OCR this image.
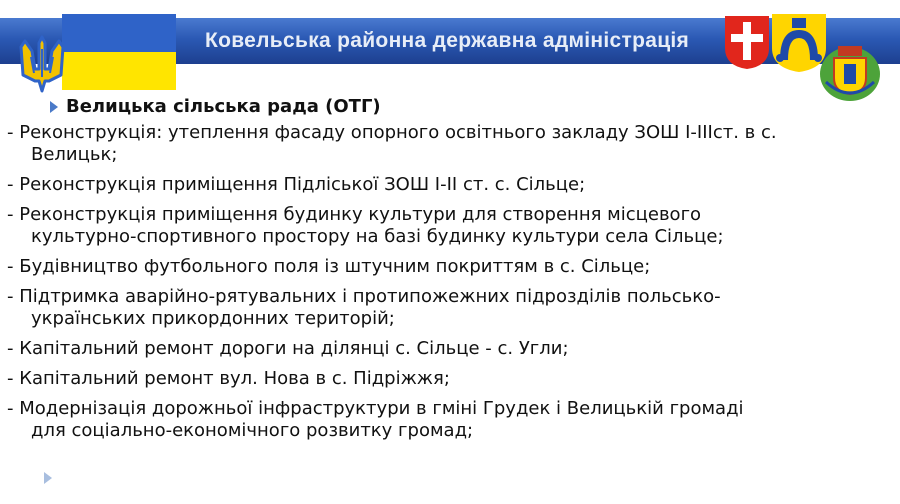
Ковельська районна державна адміністрація
Велицька сільська рада (ОТГ)
- Реконструкція: утеплення фасаду опорного освітнього закладу ЗОШ І-ІІІст. в с.
Велицьк;
- Реконструкція приміщення Підліської ЗОШ І-ІІ ст. с. Сільце;
- Реконструкція приміщення будинку культури для створення місцевого
культурно-спортивного простору на базі будинку культури села Сільце;
- Будівництво футбольного поля із штучним покриттям в с. Сільце;
- Підтримка аварійно-рятувальних і протипожежних підрозділів польсько-
українських прикордонних територій;
- Капітальний ремонт дороги на ділянці с. Сільце - с. Угли;
- Капітальний ремонт вул. Нова в с. Підріжжя;
- Модернізація дорожньої інфраструктури в гміні Грудек і Велицькій громаді
для соціально-економічного розвитку громад;
